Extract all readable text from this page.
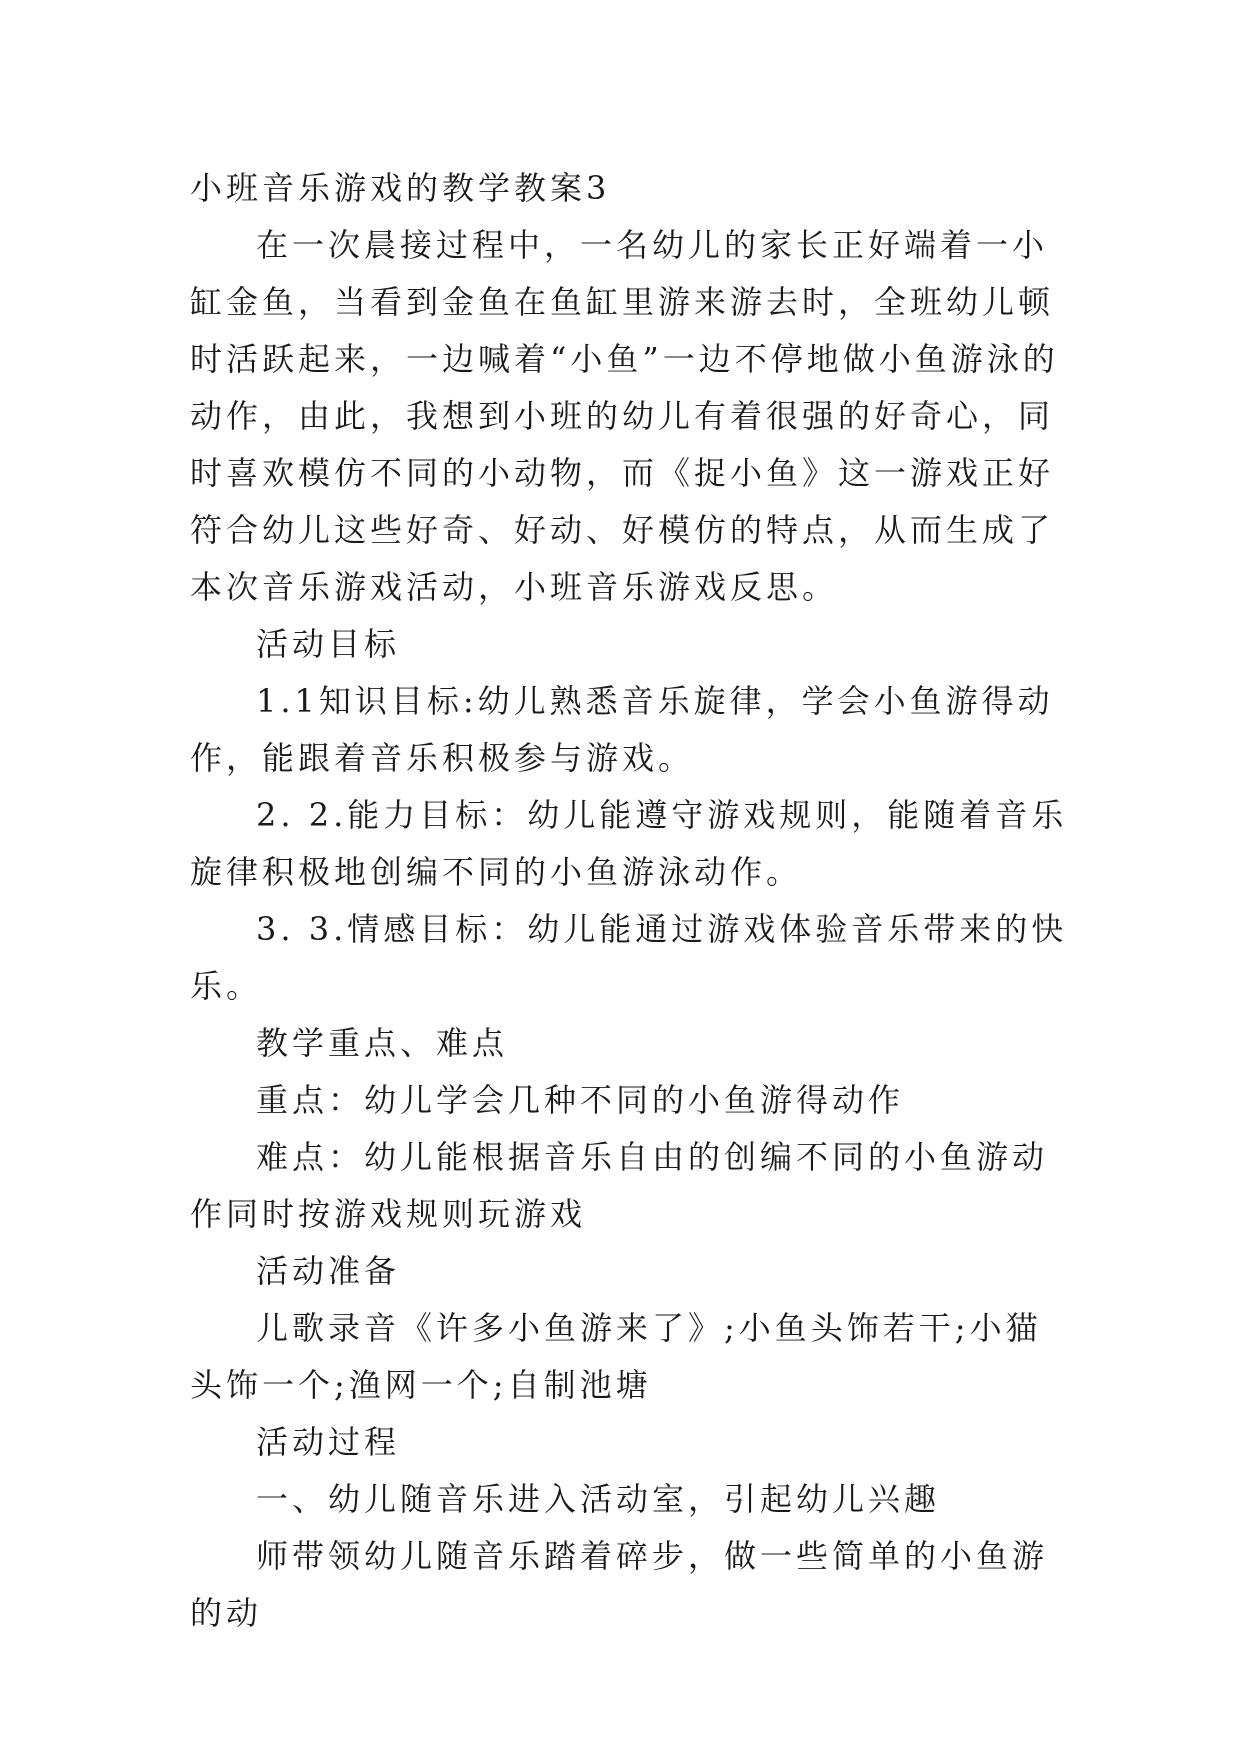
小班音乐游戏的教学教案3

在一次晨接过程中，一名幼儿的家长正好端着一小缸金鱼，当看到金鱼在鱼缸里游来游去时，全班幼儿顿时活跃起来，一边喊着“小鱼”一边不停地做小鱼游泳的动作，由此，我想到小班的幼儿有着很强的好奇心，同时喜欢模仿不同的小动物，而《捉小鱼》这一游戏正好符合幼儿这些好奇、好动、好模仿的特点，从而生成了本次音乐游戏活动，小班音乐游戏反思。

活动目标

1.1知识目标:幼儿熟悉音乐旋律，学会小鱼游得动作，能跟着音乐积极参与游戏。

2. 2.能力目标：幼儿能遵守游戏规则，能随着音乐旋律积极地创编不同的小鱼游泳动作。

3. 3.情感目标：幼儿能通过游戏体验音乐带来的快乐。

教学重点、难点

重点：幼儿学会几种不同的小鱼游得动作

难点：幼儿能根据音乐自由的创编不同的小鱼游动作同时按游戏规则玩游戏

活动准备

儿歌录音《许多小鱼游来了》;小鱼头饰若干;小猫头饰一个;渔网一个;自制池塘

活动过程

一、幼儿随音乐进入活动室，引起幼儿兴趣

师带领幼儿随音乐踏着碎步，做一些简单的小鱼游的动
